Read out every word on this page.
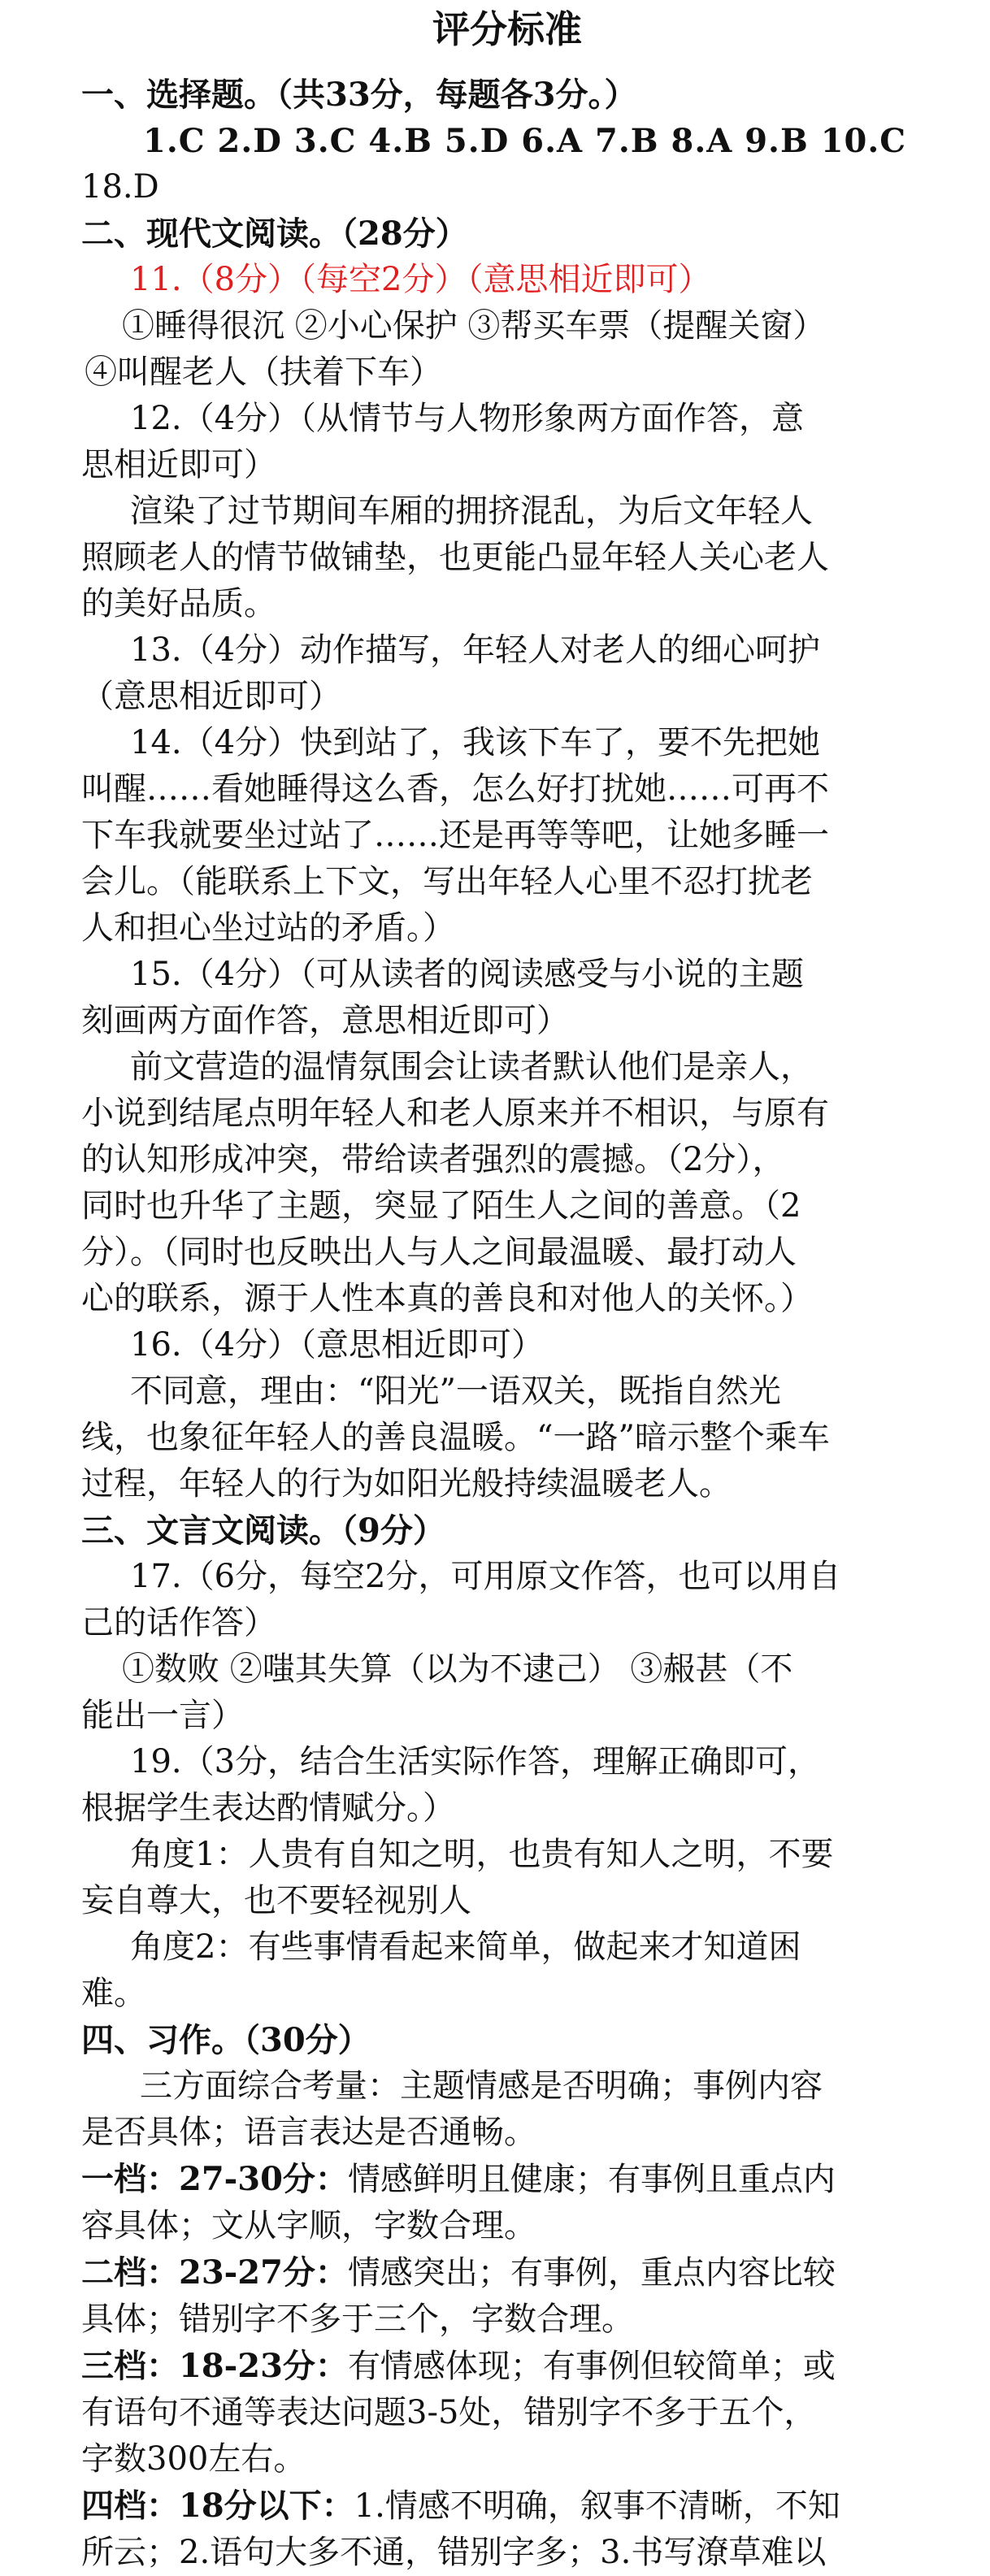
评分标准
一、选择题。（共33分，每题各3分。）
1.C 2.D 3.C 4.B 5.D 6.A 7.B 8.A 9.B 10.C
18.D
二、现代文阅读。（28分）
11.（8分）（每空2分）（意思相近即可）
①睡得很沉 ②小心保护 ③帮买车票（提醒关窗）
④叫醒老人（扶着下车）
12.（4分）（从情节与人物形象两方面作答，意
思相近即可）
渲染了过节期间车厢的拥挤混乱，为后文年轻人
照顾老人的情节做铺垫，也更能凸显年轻人关心老人
的美好品质。
13.（4分）动作描写，年轻人对老人的细心呵护
（意思相近即可）
14.（4分）快到站了，我该下车了，要不先把她
叫醒……看她睡得这么香，怎么好打扰她……可再不
下车我就要坐过站了……还是再等等吧，让她多睡一
会儿。（能联系上下文，写出年轻人心里不忍打扰老
人和担心坐过站的矛盾。）
15.（4分）（可从读者的阅读感受与小说的主题
刻画两方面作答，意思相近即可）
前文营造的温情氛围会让读者默认他们是亲人，
小说到结尾点明年轻人和老人原来并不相识，与原有
的认知形成冲突，带给读者强烈的震撼。（2分），
同时也升华了主题，突显了陌生人之间的善意。（2
分）。（同时也反映出人与人之间最温暖、最打动人
心的联系，源于人性本真的善良和对他人的关怀。）
16.（4分）（意思相近即可）
不同意，理由：“阳光”一语双关，既指自然光
线，也象征年轻人的善良温暖。“一路”暗示整个乘车
过程，年轻人的行为如阳光般持续温暖老人。
三、文言文阅读。（9分）
17.（6分，每空2分，可用原文作答，也可以用自
己的话作答）
①数败 ②嗤其失算（以为不逮己） ③赧甚（不
能出一言）
19.（3分，结合生活实际作答，理解正确即可，
根据学生表达酌情赋分。）
角度1：人贵有自知之明，也贵有知人之明，不要
妄自尊大，也不要轻视别人
角度2：有些事情看起来简单，做起来才知道困
难。
四、习作。（30分）
三方面综合考量：主题情感是否明确；事例内容
是否具体；语言表达是否通畅。
一档：27-30分：情感鲜明且健康；有事例且重点内
容具体；文从字顺，字数合理。
二档：23-27分：情感突出；有事例，重点内容比较
具体；错别字不多于三个，字数合理。
三档：18-23分：有情感体现；有事例但较简单；或
有语句不通等表达问题3-5处，错别字不多于五个，
字数300左右。
四档：18分以下：1.情感不明确，叙事不清晰，不知
所云；2.语句大多不通，错别字多；3.书写潦草难以
